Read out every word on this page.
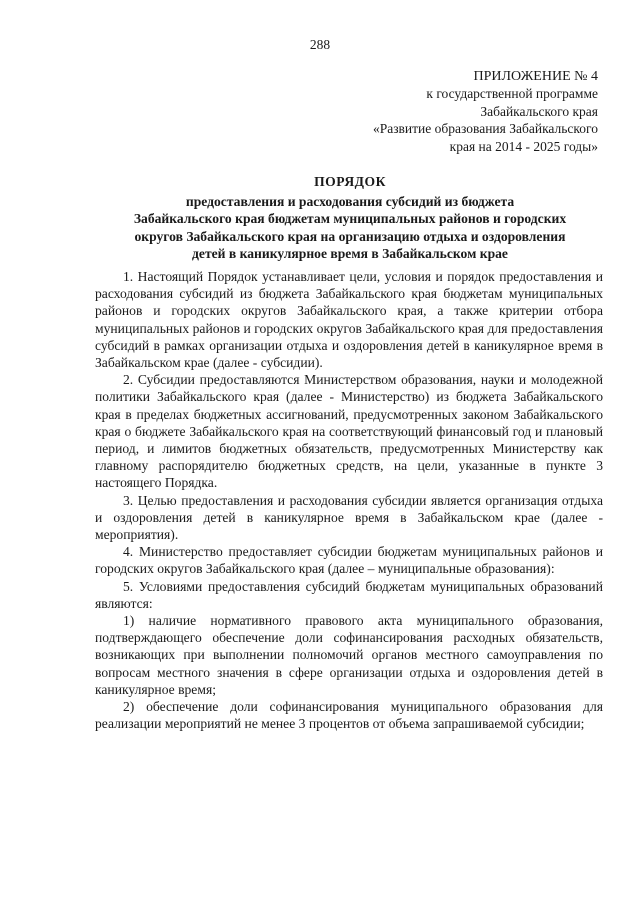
288
ПРИЛОЖЕНИЕ № 4
к государственной программе
Забайкальского края
«Развитие образования Забайкальского
края на 2014 - 2025 годы»
ПОРЯДОК
предоставления и расходования субсидий из бюджета
Забайкальского края бюджетам муниципальных районов и городских
округов Забайкальского края на организацию отдыха и оздоровления
детей в каникулярное время в Забайкальском крае

1. Настоящий Порядок устанавливает цели, условия и порядок предоставления и расходования субсидий из бюджета Забайкальского края бюджетам муниципальных районов и городских округов Забайкальского края, а также критерии отбора муниципальных районов и городских округов Забайкальского края для предоставления субсидий в рамках организации отдыха и оздоровления детей в каникулярное время в Забайкальском крае (далее - субсидии).

2. Субсидии предоставляются Министерством образования, науки и молодежной политики Забайкальского края (далее - Министерство) из бюджета Забайкальского края в пределах бюджетных ассигнований, предусмотренных законом Забайкальского края о бюджете Забайкальского края на соответствующий финансовый год и плановый период, и лимитов бюджетных обязательств, предусмотренных Министерству как главному распорядителю бюджетных средств, на цели, указанные в пункте 3 настоящего Порядка.

3. Целью предоставления и расходования субсидии является организация отдыха и оздоровления детей в каникулярное время в Забайкальском крае (далее - мероприятия).

4. Министерство предоставляет субсидии бюджетам муниципальных районов и городских округов Забайкальского края (далее – муниципальные образования):

5. Условиями предоставления субсидий бюджетам муниципальных образований являются:

1) наличие нормативного правового акта муниципального образования, подтверждающего обеспечение доли софинансирования расходных обязательств, возникающих при выполнении полномочий органов местного самоуправления по вопросам местного значения в сфере организации отдыха и оздоровления детей в каникулярное время;

2) обеспечение доли софинансирования муниципального образования для реализации мероприятий не менее 3 процентов от объема запрашиваемой субсидии;
